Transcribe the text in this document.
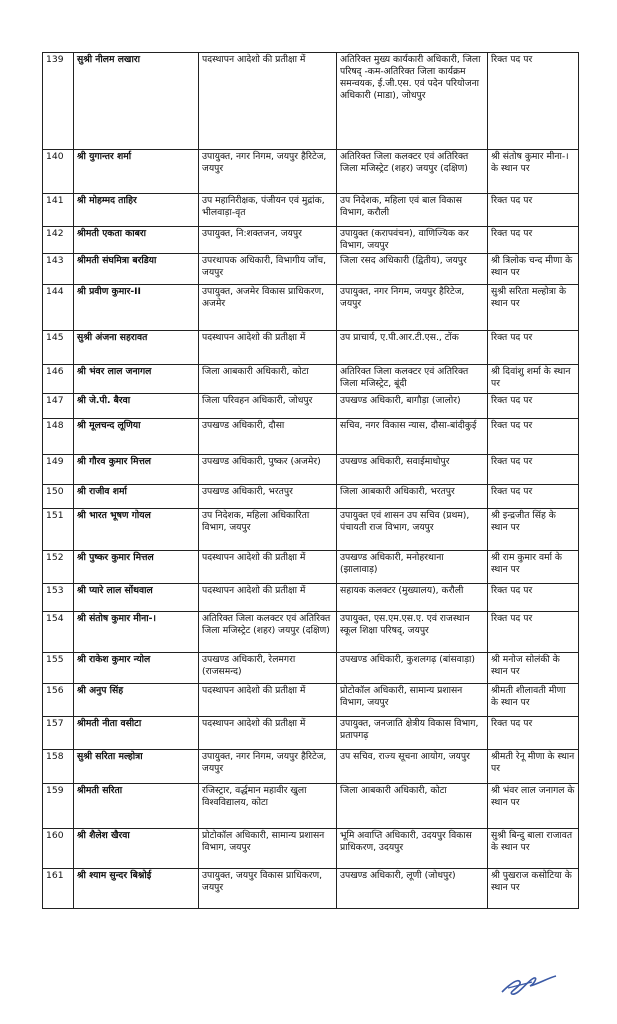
139	सुश्री नीलम लखारा	पदस्थापन आदेशो की प्रतीक्षा में	अतिरिक्त मुख्य कार्यकारी अधिकारी, जिला परिषद् -कम-अतिरिक्त जिला कार्यक्रम समन्वयक, ई.जी.एस. एवं पदेन परियोजना अधिकारी (माडा), जोधपुर	रिक्त पद पर
140	श्री युगान्तर शर्मा	उपायुक्त, नगर निगम, जयपुर हैरिटेज, जयपुर	अतिरिक्त जिला कलक्टर एवं अतिरिक्त जिला मजिस्ट्रेट (शहर) जयपुर (दक्षिण)	श्री संतोष कुमार मीना-। के स्थान पर
141	श्री मोहम्मद ताहिर	उप महानिरीक्षक, पंजीयन एवं मुद्रांक, भीलवाड़ा-वृत	उप निदेशक, महिला एवं बाल विकास विभाग, करौली	रिक्त पद पर
142	श्रीमती एकता काबरा	उपायुक्त, नि:शक्तजन, जयपुर	उपायुक्त (करापवंचन), वाणिज्यिक कर विभाग, जयपुर	रिक्त पद पर
143	श्रीमती संघमित्रा बरडिया	उपरथापक अधिकारी, विभागीय जाँच, जयपुर	जिला रसद अधिकारी (द्वितीय), जयपुर	श्री त्रिलोक चन्द मीणा के स्थान पर
144	श्री प्रवीण कुमार-II	उपायुक्त, अजमेर विकास प्राधिकरण, अजमेर	उपायुक्त, नगर निगम, जयपुर हैरिटेज, जयपुर	सुश्री सरिता मल्होत्रा के स्थान पर
145	सुश्री अंजना सहरावत	पदस्थापन आदेशो की प्रतीक्षा में	उप प्राचार्य, ए.पी.आर.टी.एस., टोंक	रिक्त पद पर
146	श्री भंवर लाल जनागल	जिला आबकारी अधिकारी, कोटा	अतिरिक्त जिला कलक्टर एवं अतिरिक्त जिला मजिस्ट्रेट, बूंदी	श्री दिवांशु शर्मा के स्थान पर
147	श्री जे.पी. बैरवा	जिला परिवहन अधिकारी, जोधपुर	उपखण्ड अधिकारी, बागौड़ा (जालोर)	रिक्त पद पर
148	श्री मूलचन्द लूणिया	उपखण्ड अधिकारी, दौसा	सचिव, नगर विकास न्यास, दौसा-बांदीकुई	रिक्त पद पर
149	श्री गौरव कुमार मित्तल	उपखण्ड अधिकारी, पुष्कर (अजमेर)	उपखण्ड अधिकारी, सवाईमाधोपुर	रिक्त पद पर
150	श्री राजीव शर्मा	उपखण्ड अधिकारी, भरतपुर	जिला आबकारी अधिकारी, भरतपुर	रिक्त पद पर
151	श्री भारत भूषण गोयल	उप निदेशक, महिला अधिकारिता विभाग, जयपुर	उपायुक्त एवं शासन उप सचिव (प्रथम), पंचायती राज विभाग, जयपुर	श्री इन्द्रजीत सिंह के स्थान पर
152	श्री पुष्कर कुमार मित्तल	पदस्थापन आदेशो की प्रतीक्षा में	उपखण्ड अधिकारी, मनोहरथाना (झालावाड़)	श्री राम कुमार वर्मा के स्थान पर
153	श्री प्यारे लाल सोंथवाल	पदस्थापन आदेशो की प्रतीक्षा में	सहायक कलक्टर (मुख्यालय), करौली	रिक्त पद पर
154	श्री संतोष कुमार मीना-।	अतिरिक्त जिला कलक्टर एवं अतिरिक्त जिला मजिस्ट्रेट (शहर) जयपुर (दक्षिण)	उपायुक्त, एस.एम.एस.ए. एवं राजस्थान स्कूल शिक्षा परिषद्, जयपुर	रिक्त पद पर
155	श्री राकेश कुमार न्योल	उपखण्ड अधिकारी, रेलमगरा (राजसमन्द)	उपखण्ड अधिकारी, कुशलगढ़ (बांसवाड़ा)	श्री मनोज सोलंकी के स्थान पर
156	श्री अनुप सिंह	पदस्थापन आदेशो की प्रतीक्षा में	प्रोटोकॉल अधिकारी, सामान्य प्रशासन विभाग, जयपुर	श्रीमती शीलावती मीणा के स्थान पर
157	श्रीमती नीता वसीटा	पदस्थापन आदेशो की प्रतीक्षा में	उपायुक्त, जनजाति क्षेत्रीय विकास विभाग, प्रतापगढ़	रिक्त पद पर
158	सुश्री सरिता मल्होत्रा	उपायुक्त, नगर निगम, जयपुर हैरिटेज, जयपुर	उप सचिव, राज्य सूचना आयोग, जयपुर	श्रीमती रेनू मीणा के स्थान पर
159	श्रीमती सरिता	रजिस्ट्रार, वर्द्धमान महावीर खुला विश्वविद्यालय, कोटा	जिला आबकारी अधिकारी, कोटा	श्री भंवर लाल जनागल के स्थान पर
160	श्री शैलेश खैरवा	प्रोटोकॉल अधिकारी, सामान्य प्रशासन विभाग, जयपुर	भूमि अवाप्ति अधिकारी, उदयपुर विकास प्राधिकरण, उदयपुर	सुश्री बिन्दु बाला राजावत के स्थान पर
161	श्री श्याम सुन्दर बिश्नोई	उपायुक्त, जयपुर विकास प्राधिकरण, जयपुर	उपखण्ड अधिकारी, लूणी (जोधपुर)	श्री पुखराज कसोटिया के स्थान पर
